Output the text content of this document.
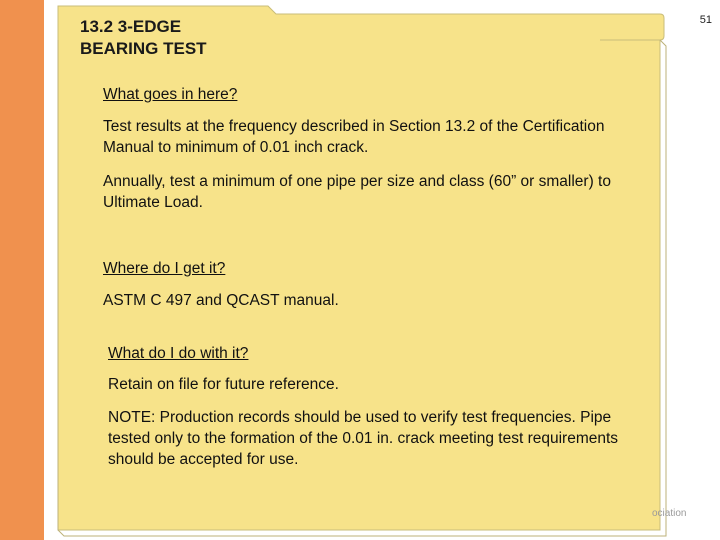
13.2 3-EDGE
BEARING TEST
51
What goes in here?
Test results at the frequency described in Section 13.2 of the Certification Manual to minimum of 0.01 inch crack.
Annually, test a minimum of one pipe per size and class (60” or smaller) to Ultimate Load.
Where do I get it?
ASTM C 497 and QCAST manual.
What do I do with it?
Retain on file for future reference.
NOTE: Production records should be used to verify test frequencies. Pipe tested only to the formation of the 0.01 in. crack meeting test requirements should be accepted for use.
ociation
